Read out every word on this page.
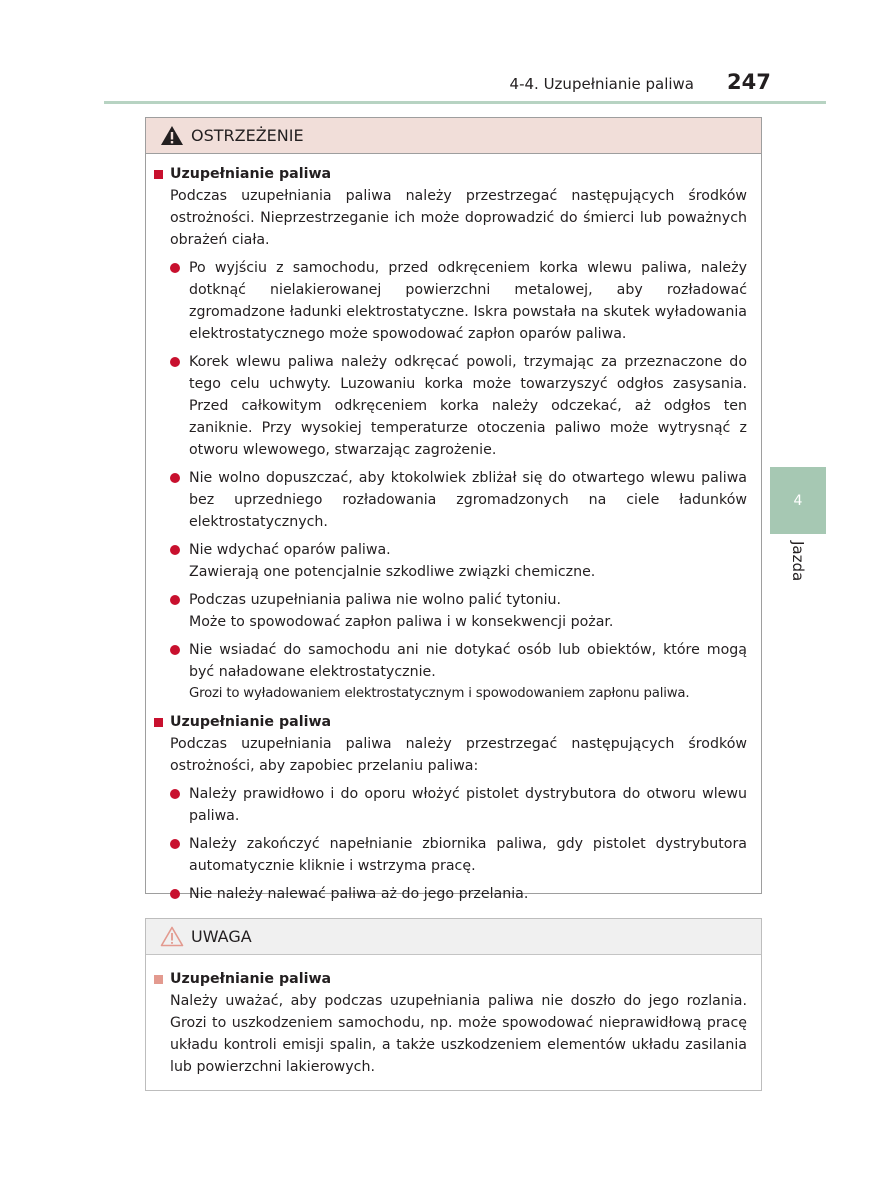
4-4. Uzupełnianie paliwa 247
4
Jazda
OSTRZEŻENIE
Uzupełnianie paliwa
Podczas uzupełniania paliwa należy przestrzegać następujących środków ostrożności. Nieprzestrzeganie ich może doprowadzić do śmierci lub poważnych obrażeń ciała.
Po wyjściu z samochodu, przed odkręceniem korka wlewu paliwa, należy dotknąć nielakierowanej powierzchni metalowej, aby rozładować zgromadzone ładunki elektrostatyczne. Iskra powstała na skutek wyładowania elektrostatycznego może spowodować zapłon oparów paliwa.
Korek wlewu paliwa należy odkręcać powoli, trzymając za przeznaczone do tego celu uchwyty. Luzowaniu korka może towarzyszyć odgłos zasysania. Przed całkowitym odkręceniem korka należy odczekać, aż odgłos ten zaniknie. Przy wysokiej temperaturze otoczenia paliwo może wytrysnąć z otworu wlewowego, stwarzając zagrożenie.
Nie wolno dopuszczać, aby ktokolwiek zbliżał się do otwartego wlewu paliwa bez uprzedniego rozładowania zgromadzonych na ciele ładunków elektrostatycznych.
Nie wdychać oparów paliwa.
Zawierają one potencjalnie szkodliwe związki chemiczne.
Podczas uzupełniania paliwa nie wolno palić tytoniu.
Może to spowodować zapłon paliwa i w konsekwencji pożar.
Nie wsiadać do samochodu ani nie dotykać osób lub obiektów, które mogą być naładowane elektrostatycznie.
Grozi to wyładowaniem elektrostatycznym i spowodowaniem zapłonu paliwa.
Uzupełnianie paliwa
Podczas uzupełniania paliwa należy przestrzegać następujących środków ostrożności, aby zapobiec przelaniu paliwa:
Należy prawidłowo i do oporu włożyć pistolet dystrybutora do otworu wlewu paliwa.
Należy zakończyć napełnianie zbiornika paliwa, gdy pistolet dystrybutora automatycznie kliknie i wstrzyma pracę.
Nie należy nalewać paliwa aż do jego przelania.
UWAGA
Uzupełnianie paliwa
Należy uważać, aby podczas uzupełniania paliwa nie doszło do jego rozlania. Grozi to uszkodzeniem samochodu, np. może spowodować nieprawidłową pracę układu kontroli emisji spalin, a także uszkodzeniem elementów układu zasilania lub powierzchni lakierowych.
